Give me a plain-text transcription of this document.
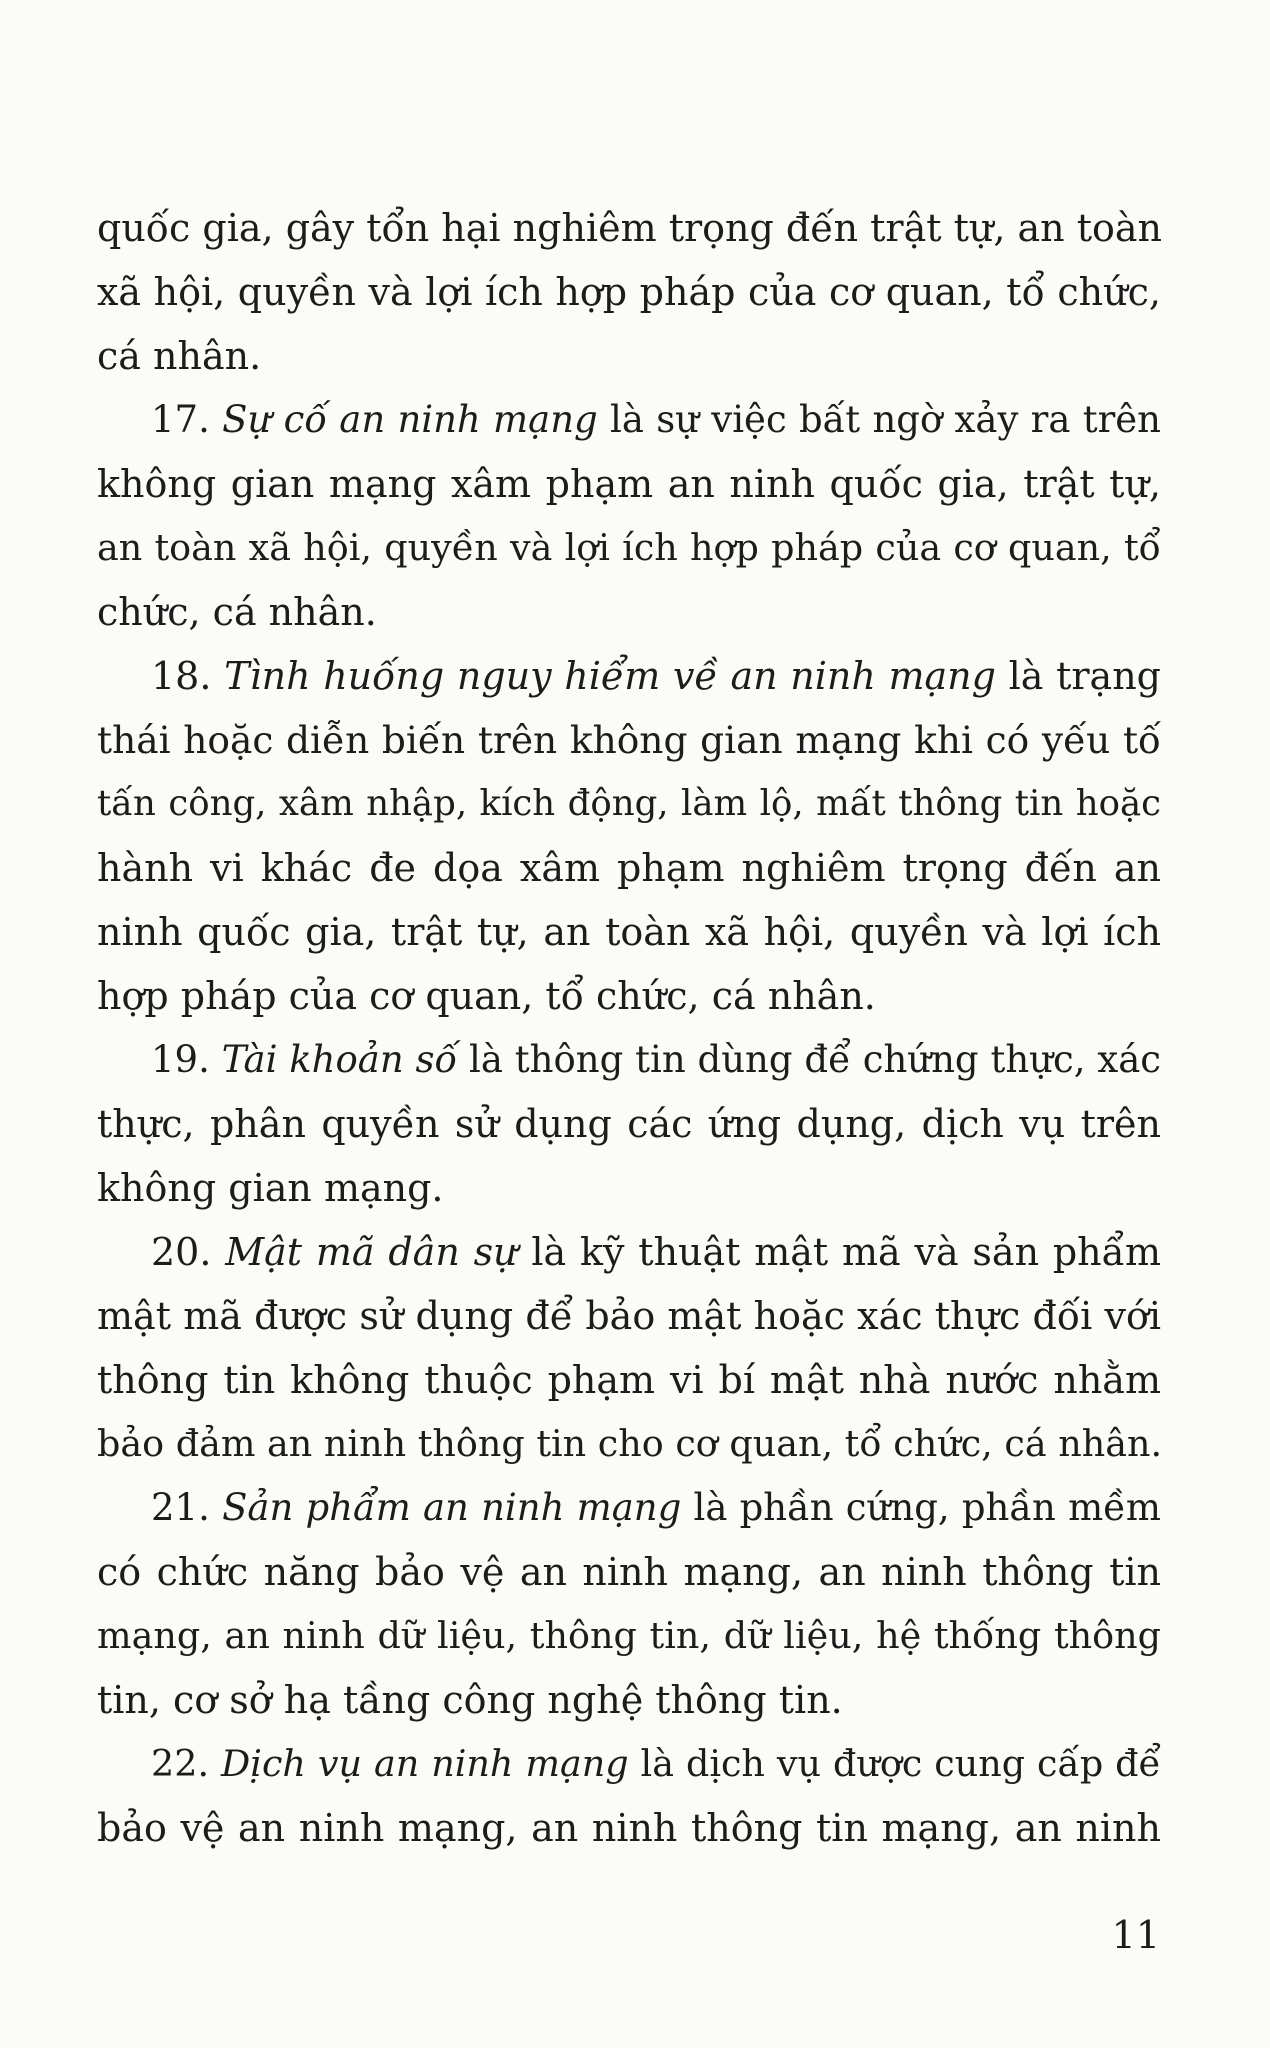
quốc gia, gây tổn hại nghiêm trọng đến trật tự, an toàn
xã hội, quyền và lợi ích hợp pháp của cơ quan, tổ chức,
cá nhân.
17. Sự cố an ninh mạng là sự việc bất ngờ xảy ra trên
không gian mạng xâm phạm an ninh quốc gia, trật tự,
an toàn xã hội, quyền và lợi ích hợp pháp của cơ quan, tổ
chức, cá nhân.
18. Tình huống nguy hiểm về an ninh mạng là trạng
thái hoặc diễn biến trên không gian mạng khi có yếu tố
tấn công, xâm nhập, kích động, làm lộ, mất thông tin hoặc
hành vi khác đe dọa xâm phạm nghiêm trọng đến an
ninh quốc gia, trật tự, an toàn xã hội, quyền và lợi ích
hợp pháp của cơ quan, tổ chức, cá nhân.
19. Tài khoản số là thông tin dùng để chứng thực, xác
thực, phân quyền sử dụng các ứng dụng, dịch vụ trên
không gian mạng.
20. Mật mã dân sự là kỹ thuật mật mã và sản phẩm
mật mã được sử dụng để bảo mật hoặc xác thực đối với
thông tin không thuộc phạm vi bí mật nhà nước nhằm
bảo đảm an ninh thông tin cho cơ quan, tổ chức, cá nhân.
21. Sản phẩm an ninh mạng là phần cứng, phần mềm
có chức năng bảo vệ an ninh mạng, an ninh thông tin
mạng, an ninh dữ liệu, thông tin, dữ liệu, hệ thống thông
tin, cơ sở hạ tầng công nghệ thông tin.
22. Dịch vụ an ninh mạng là dịch vụ được cung cấp để
bảo vệ an ninh mạng, an ninh thông tin mạng, an ninh
11
